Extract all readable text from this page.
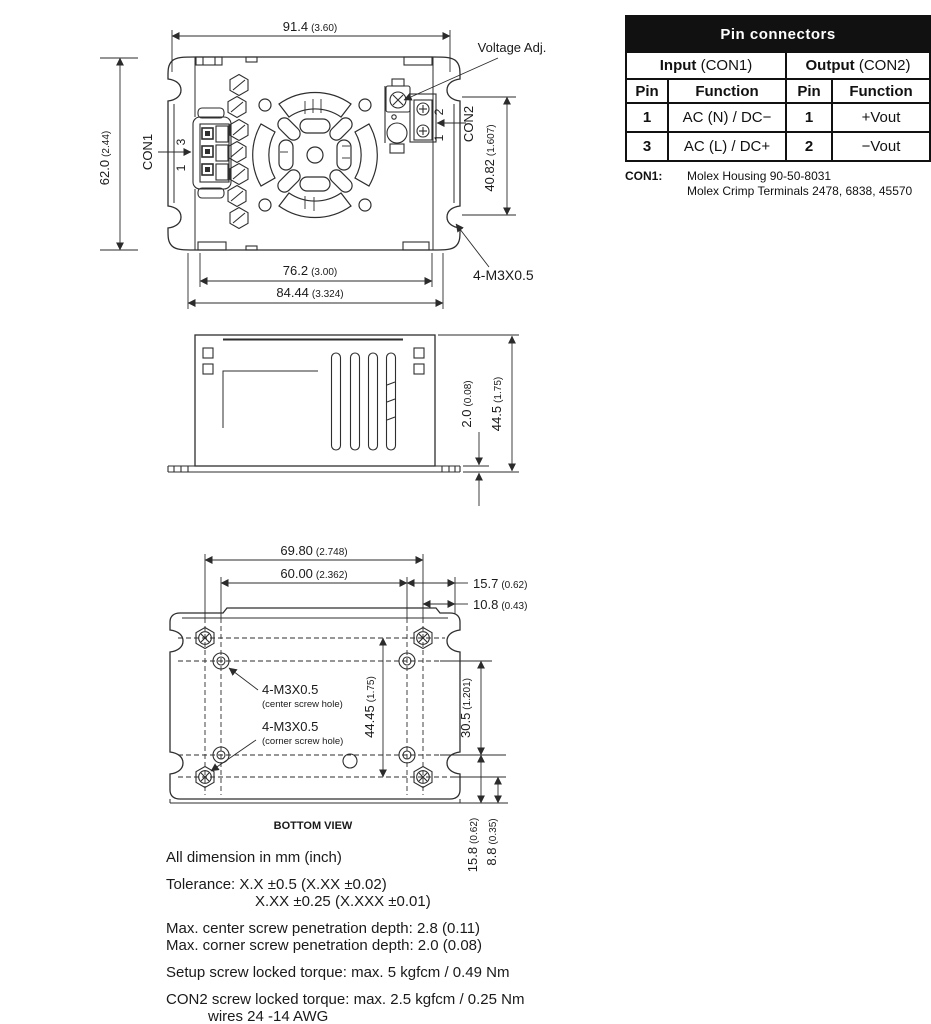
91.4 (3.60)
62.0(2.44)
40.82(1.607)
76.2 (3.00)
84.44 (3.324)
Voltage Adj.
CON1 1 3
CON2
1 2
4-M3X0.5
2.0(0.08)
44.5(1.75)
69.80 (2.748)
60.00 (2.362)
15.7 (0.62)
10.8 (0.43)
44.45(1.75)
30.5(1.201)
15.8(0.62)
8.8(0.35)
4-M3X0.5
(center screw hole)
4-M3X0.5
(corner screw hole)
BOTTOM VIEW
Pin connectors			
Input (CON1)		Output (CON2)	
Pin	Function	Pin	Function
1	AC (N) / DC−	1	+Vout
3	AC (L) / DC+	2	−Vout
CON1:	Molex Housing 90-50-8031
Molex Crimp Terminals 2478, 6838, 45570

All dimension in mm (inch)

Tolerance: X.X ±0.5 (X.XX ±0.02)

X.XX ±0.25 (X.XXX ±0.01)

Max. center screw penetration depth: 2.8 (0.11)

Max. corner screw penetration depth: 2.0 (0.08)

Setup screw locked torque: max. 5 kgfcm / 0.49 Nm

CON2 screw locked torque: max. 2.5 kgfcm / 0.25 Nm

wires 24 -14 AWG
